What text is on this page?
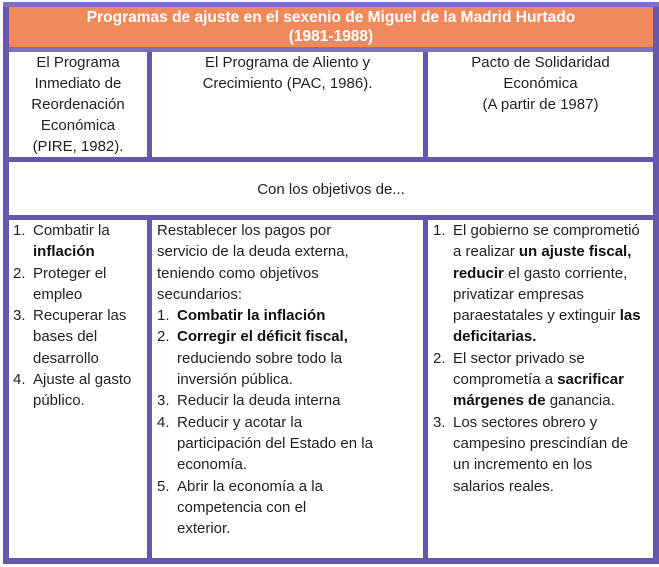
Programas de ajuste en el sexenio de Miguel de la Madrid Hurtado
(1981-1988)
El Programa
Inmediato de
Reordenación
Económica
(PIRE, 1982).
El Programa de Aliento y
Crecimiento (PAC, 1986).
Pacto de Solidaridad
Económica
(A partir de 1987)
Con los objetivos de...
1. Combatir la
inflación
2. Proteger el empleo
3. Recuperar las bases del desarrollo
4. Ajuste al gasto público.

Restablecer los pagos por servicio de la deuda externa, teniendo como objetivos secundarios:

1. Combatir la inflación
2. Corregir el déficit fiscal, reduciendo sobre todo la inversión pública.
3. Reducir la deuda interna
4. Reducir y acotar la participación del Estado en la economía.
5. Abrir la economía a la competencia con el exterior.
1. El gobierno se comprometió a realizar un ajuste fiscal, reducir el gasto corriente, privatizar empresas paraestatales y extinguir las deficitarias.
2. El sector privado se comprometía a sacrificar márgenes de ganancia.
3. Los sectores obrero y campesino prescindían de un incremento en los salarios reales.
